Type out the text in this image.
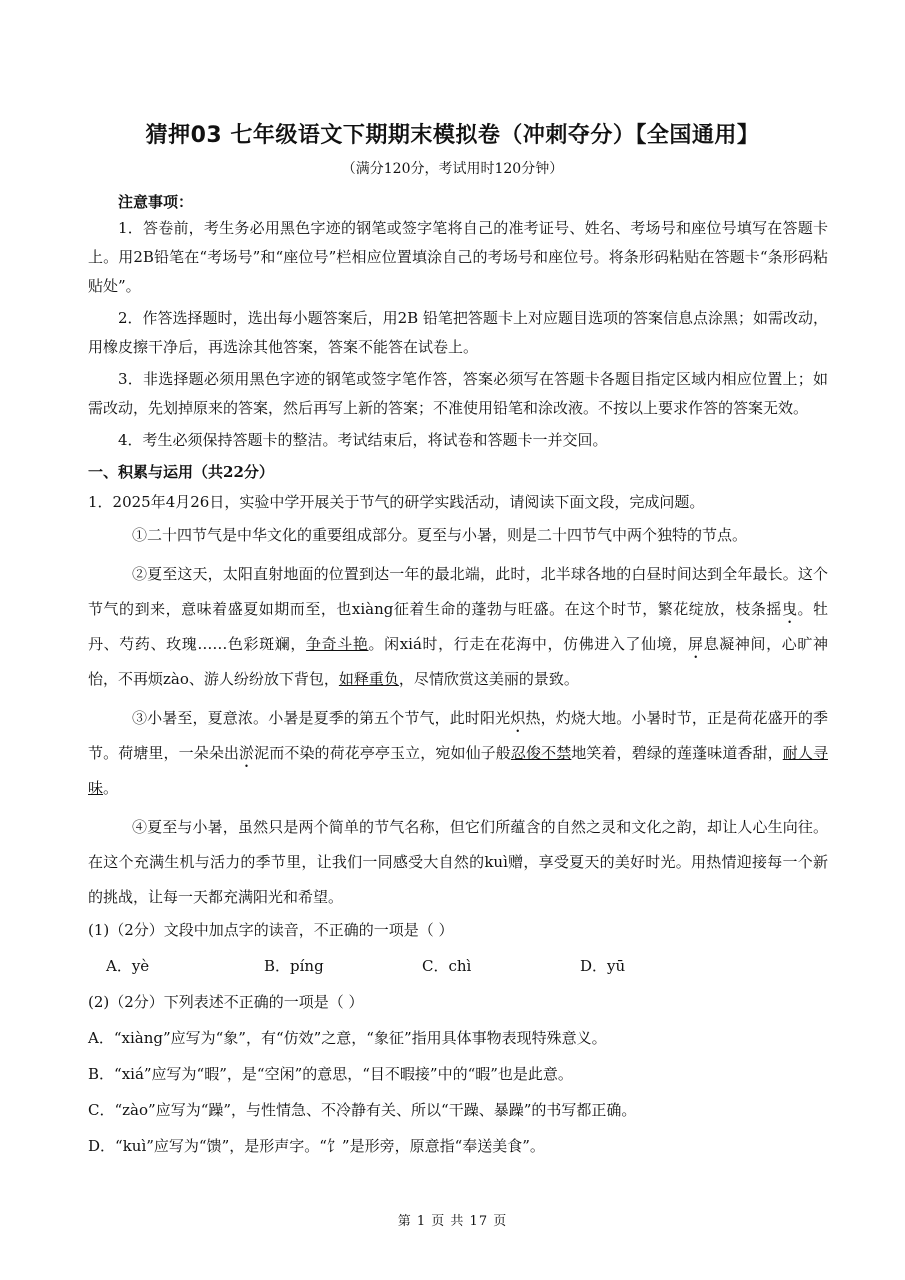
猜押03 七年级语文下期期末模拟卷（冲刺夺分）【全国通用】
（满分120分，考试用时120分钟）
注意事项：

1．答卷前，考生务必用黑色字迹的钢笔或签字笔将自己的准考证号、姓名、考场号和座位号填写在答题卡上。用2B铅笔在“考场号”和“座位号”栏相应位置填涂自己的考场号和座位号。将条形码粘贴在答题卡“条形码粘贴处”。

2．作答选择题时，选出每小题答案后，用2B 铅笔把答题卡上对应题目选项的答案信息点涂黑；如需改动，用橡皮擦干净后，再选涂其他答案，答案不能答在试卷上。

3．非选择题必须用黑色字迹的钢笔或签字笔作答，答案必须写在答题卡各题目指定区域内相应位置上；如需改动，先划掉原来的答案，然后再写上新的答案；不准使用铅笔和涂改液。不按以上要求作答的答案无效。

4．考生必须保持答题卡的整洁。考试结束后，将试卷和答题卡一并交回。

一、积累与运用（共22分）
1．2025年4月26日，实验中学开展关于节气的研学实践活动，请阅读下面文段，完成问题。

①二十四节气是中华文化的重要组成部分。夏至与小暑，则是二十四节气中两个独特的节点。

②夏至这天，太阳直射地面的位置到达一年的最北端，此时，北半球各地的白昼时间达到全年最长。这个节气的到来，意味着盛夏如期而至，也xiàng征着生命的蓬勃与旺盛。在这个时节，繁花绽放，枝条摇曳。牡丹、芍药、玫瑰……色彩斑斓，争奇斗艳。闲xiá时，行走在花海中，仿佛进入了仙境，屏息凝神间，心旷神怡，不再烦zào、游人纷纷放下背包，如释重负，尽情欣赏这美丽的景致。

③小暑至，夏意浓。小暑是夏季的第五个节气，此时阳光炽热，灼烧大地。小暑时节，正是荷花盛开的季节。荷塘里，一朵朵出淤泥而不染的荷花亭亭玉立，宛如仙子般忍俊不禁地笑着，碧绿的莲蓬味道香甜，耐人寻味。

④夏至与小暑，虽然只是两个简单的节气名称，但它们所蕴含的自然之灵和文化之韵，却让人心生向往。在这个充满生机与活力的季节里，让我们一同感受大自然的kuì赠，享受夏天的美好时光。用热情迎接每一个新的挑战，让每一天都充满阳光和希望。

(1)（2分）文段中加点字的读音，不正确的一项是（ ）
A．yè	B．píng	C．chì	D．yū
(2)（2分）下列表述不正确的一项是（ ）
A．“xiàng”应写为“象”，有“仿效”之意，“象征”指用具体事物表现特殊意义。
B．“xiá”应写为“暇”，是“空闲”的意思，“目不暇接”中的“暇”也是此意。
C．“zào”应写为“躁”，与性情急、不冷静有关、所以“干躁、暴躁”的书写都正确。
D．“kuì”应写为“馈”，是形声字。“饣”是形旁，原意指“奉送美食”。
第 1 页 共 17 页
